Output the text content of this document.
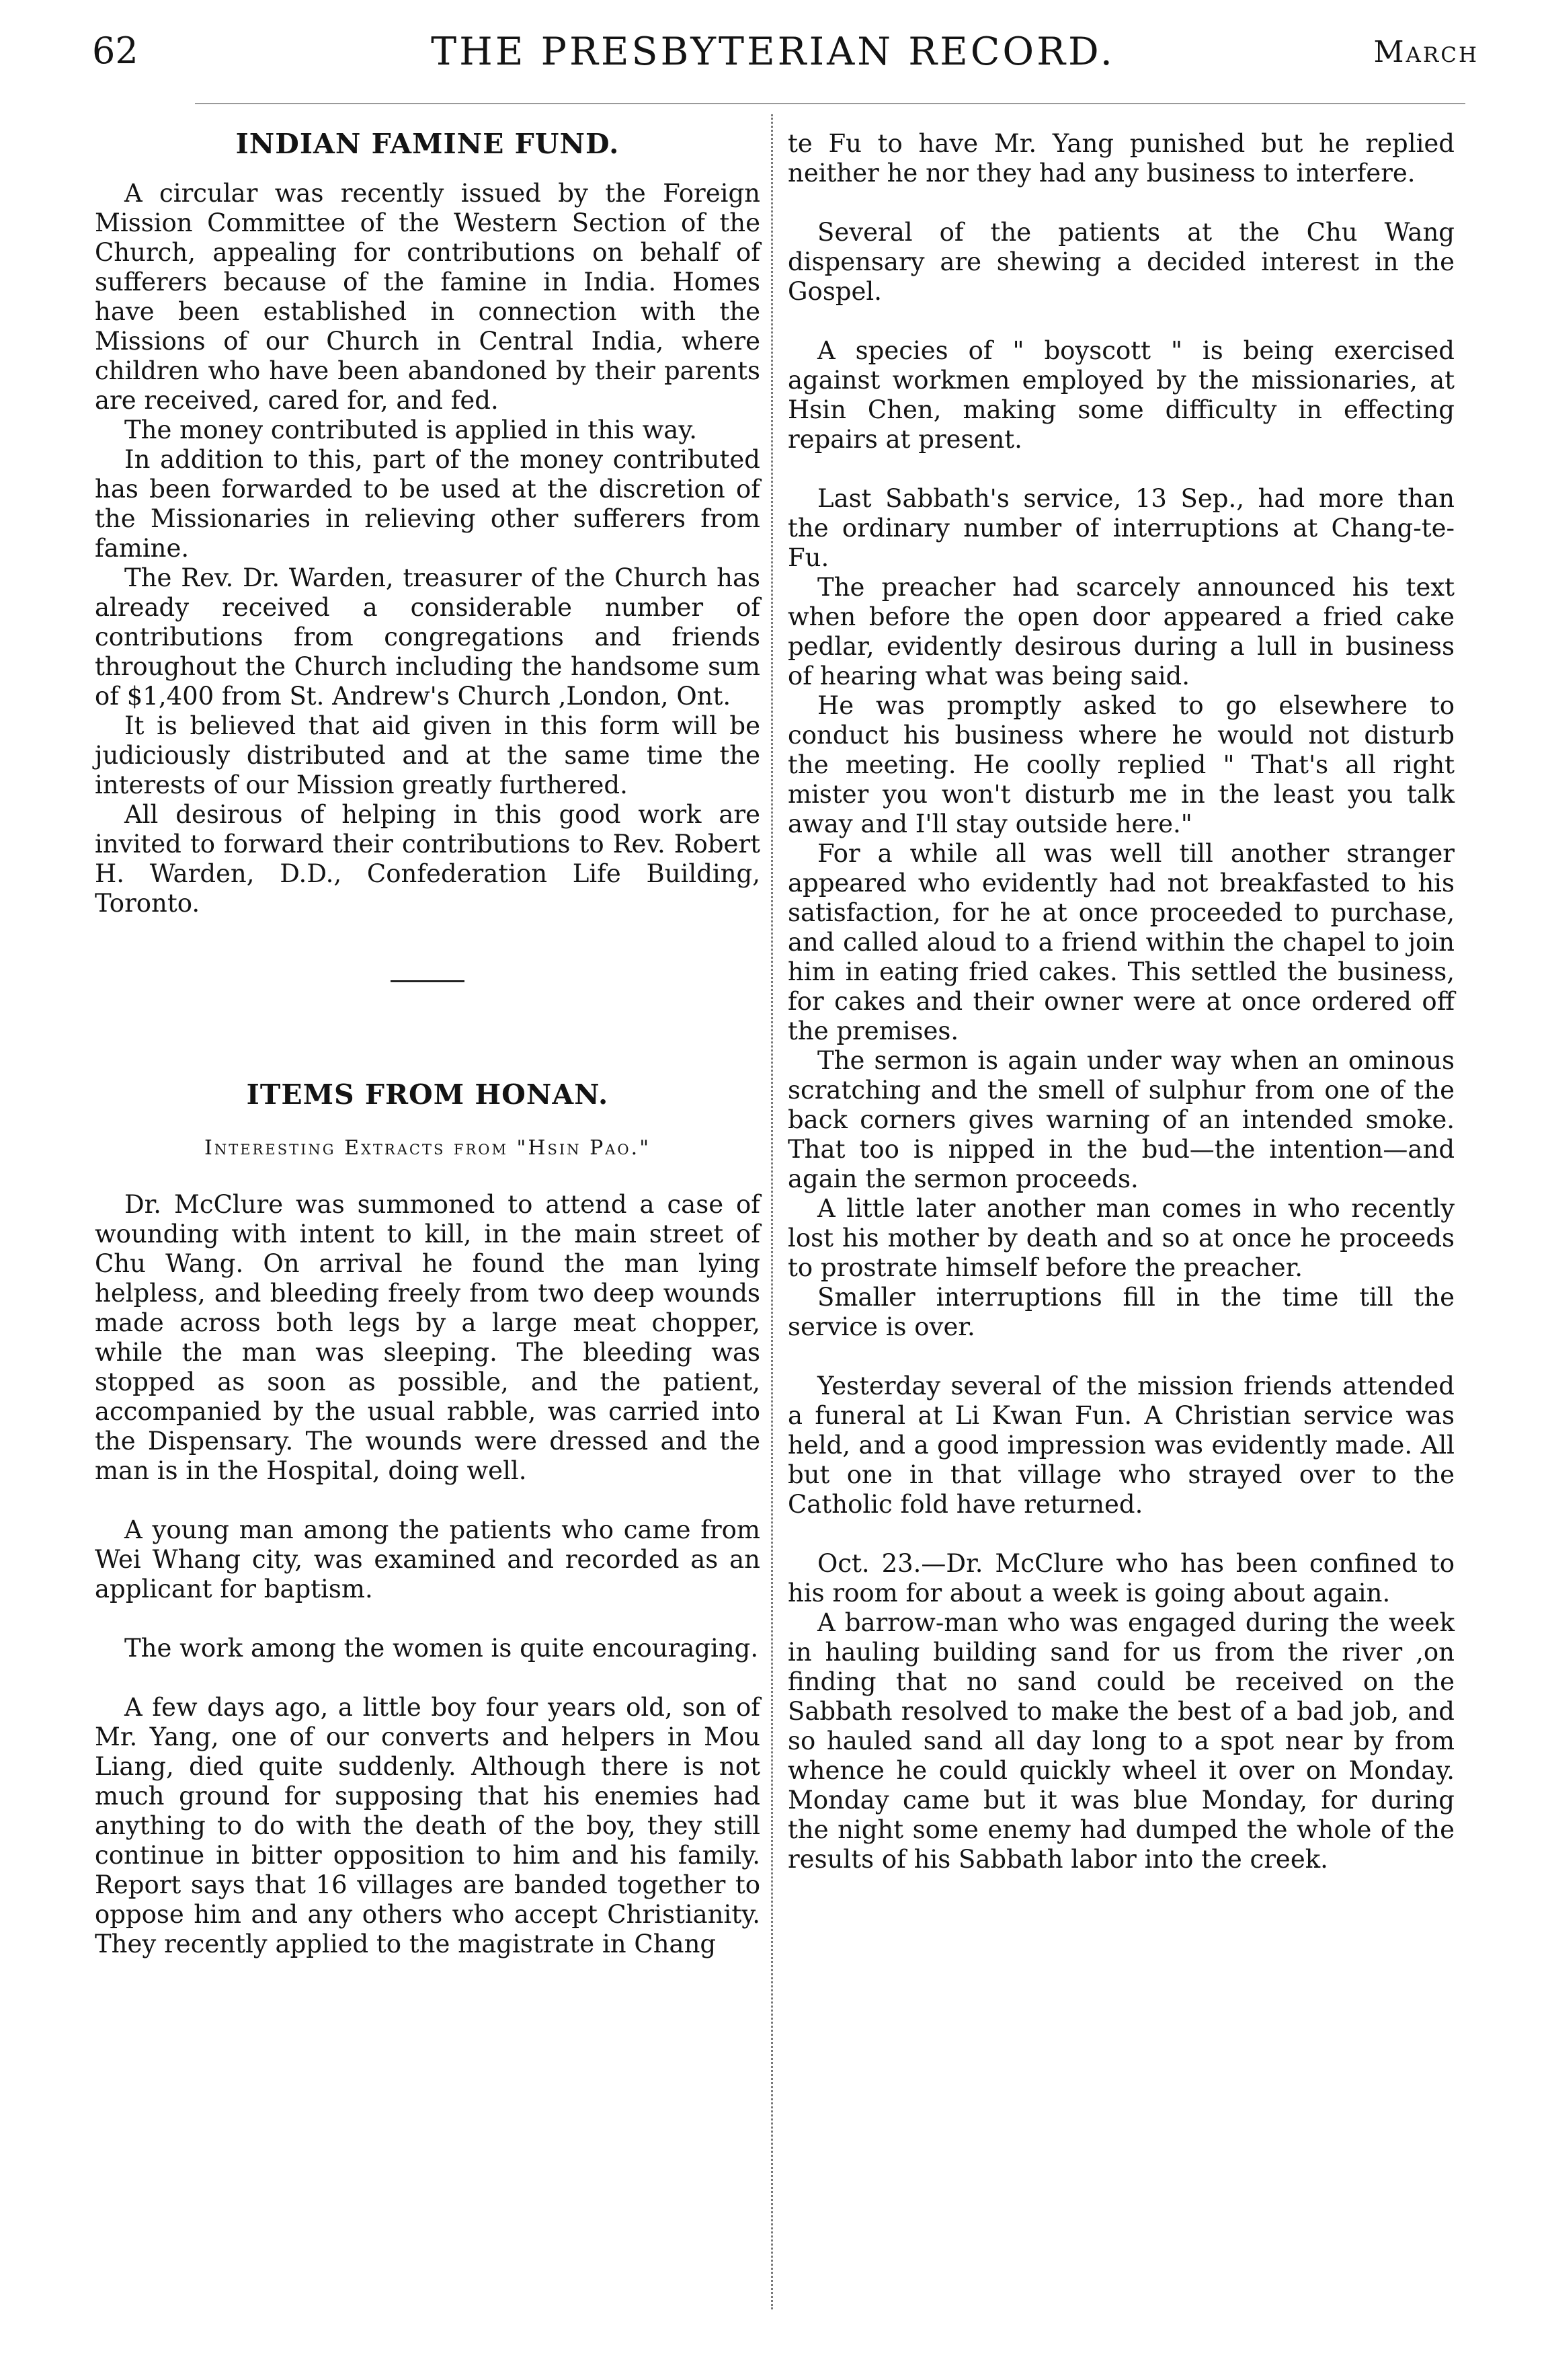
62	THE PRESBYTERIAN RECORD.	March
INDIAN FAMINE FUND.

A circular was recently issued by the Foreign Mission Committee of the Western Section of the Church, appealing for contributions on behalf of sufferers because of the famine in India. Homes have been established in connection with the Missions of our Church in Central India, where children who have been abandoned by their parents are received, cared for, and fed.

The money contributed is applied in this way.

In addition to this, part of the money contributed has been forwarded to be used at the discretion of the Missionaries in relieving other sufferers from famine.

The Rev. Dr. Warden, treasurer of the Church has already received a considerable number of contributions from congregations and friends throughout the Church including the handsome sum of $1,400 from St. Andrew's Church ,London, Ont.

It is believed that aid given in this form will be judiciously distributed and at the same time the interests of our Mission greatly furthered.

All desirous of helping in this good work are invited to forward their contributions to Rev. Robert H. Warden, D.D., Confederation Life Building, Toronto.

ITEMS FROM HONAN.
Interesting Extracts from "Hsin Pao."

Dr. McClure was summoned to attend a case of wounding with intent to kill, in the main street of Chu Wang. On arrival he found the man lying helpless, and bleeding freely from two deep wounds made across both legs by a large meat chopper, while the man was sleeping. The bleeding was stopped as soon as possible, and the patient, accompanied by the usual rabble, was carried into the Dispensary. The wounds were dressed and the man is in the Hospital, doing well.

A young man among the patients who came from Wei Whang city, was examined and recorded as an applicant for baptism.

The work among the women is quite encouraging.

A few days ago, a little boy four years old, son of Mr. Yang, one of our converts and helpers in Mou Liang, died quite suddenly. Although there is not much ground for supposing that his enemies had anything to do with the death of the boy, they still continue in bitter opposition to him and his family. Report says that 16 villages are banded together to oppose him and any others who accept Christianity. They recently applied to the magistrate in Chang

te Fu to have Mr. Yang punished but he replied neither he nor they had any business to interfere.

Several of the patients at the Chu Wang dispensary are shewing a decided interest in the Gospel.

A species of " boyscott " is being exercised against workmen employed by the missionaries, at Hsin Chen, making some difficulty in effecting repairs at present.

Last Sabbath's service, 13 Sep., had more than the ordinary number of interruptions at Chang-te-Fu.

The preacher had scarcely announced his text when before the open door appeared a fried cake pedlar, evidently desirous during a lull in business of hearing what was being said.

He was promptly asked to go elsewhere to conduct his business where he would not disturb the meeting. He coolly replied " That's all right mister you won't disturb me in the least you talk away and I'll stay outside here."

For a while all was well till another stranger appeared who evidently had not breakfasted to his satisfaction, for he at once proceeded to purchase, and called aloud to a friend within the chapel to join him in eating fried cakes. This settled the business, for cakes and their owner were at once ordered off the premises.

The sermon is again under way when an ominous scratching and the smell of sulphur from one of the back corners gives warning of an intended smoke. That too is nipped in the bud—the intention—and again the sermon proceeds.

A little later another man comes in who recently lost his mother by death and so at once he proceeds to prostrate himself before the preacher.

Smaller interruptions fill in the time till the service is over.

Yesterday several of the mission friends attended a funeral at Li Kwan Fun. A Christian service was held, and a good impression was evidently made. All but one in that village who strayed over to the Catholic fold have returned.

Oct. 23.—Dr. McClure who has been confined to his room for about a week is going about again.

A barrow-man who was engaged during the week in hauling building sand for us from the river ,on finding that no sand could be received on the Sabbath resolved to make the best of a bad job, and so hauled sand all day long to a spot near by from whence he could quickly wheel it over on Monday. Monday came but it was blue Monday, for during the night some enemy had dumped the whole of the results of his Sabbath labor into the creek.
